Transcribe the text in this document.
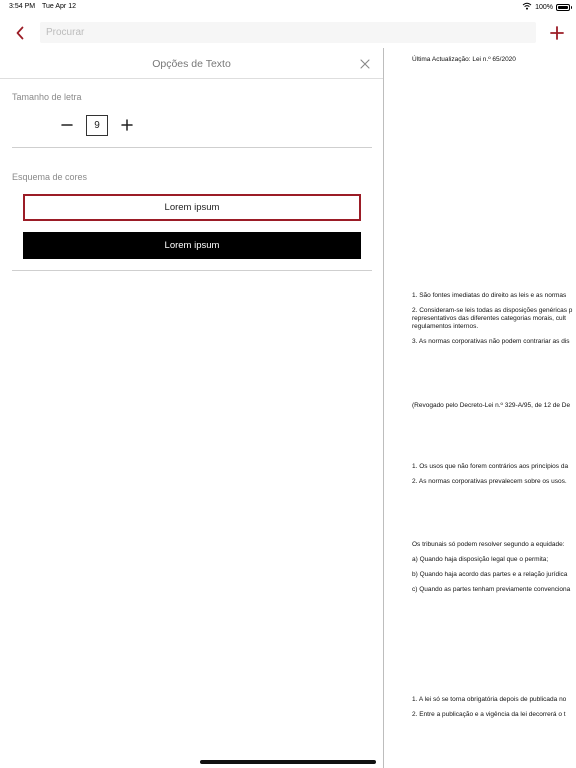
3:54 PM Tue Apr 12	100%
Procurar
Opções de Texto
Tamanho de letra
9
Esquema de cores
Lorem ipsum
Lorem ipsum
Última Actualização: Lei n.º 65/2020
1. São fontes imediatas do direito as leis e as normas
2. Consideram-se leis todas as disposições genéricas p
representativos das diferentes categorias morais, cult
regulamentos internos.
3. As normas corporativas não podem contrariar as dis
(Revogado pelo Decreto-Lei n.º 329-A/95, de 12 de De
1. Os usos que não forem contrários aos princípios da
2. As normas corporativas prevalecem sobre os usos.
Os tribunais só podem resolver segundo a equidade:
a) Quando haja disposição legal que o permita;
b) Quando haja acordo das partes e a relação jurídica
c) Quando as partes tenham previamente convenciona
1. A lei só se torna obrigatória depois de publicada no
2. Entre a publicação e a vigência da lei decorrerá o t
